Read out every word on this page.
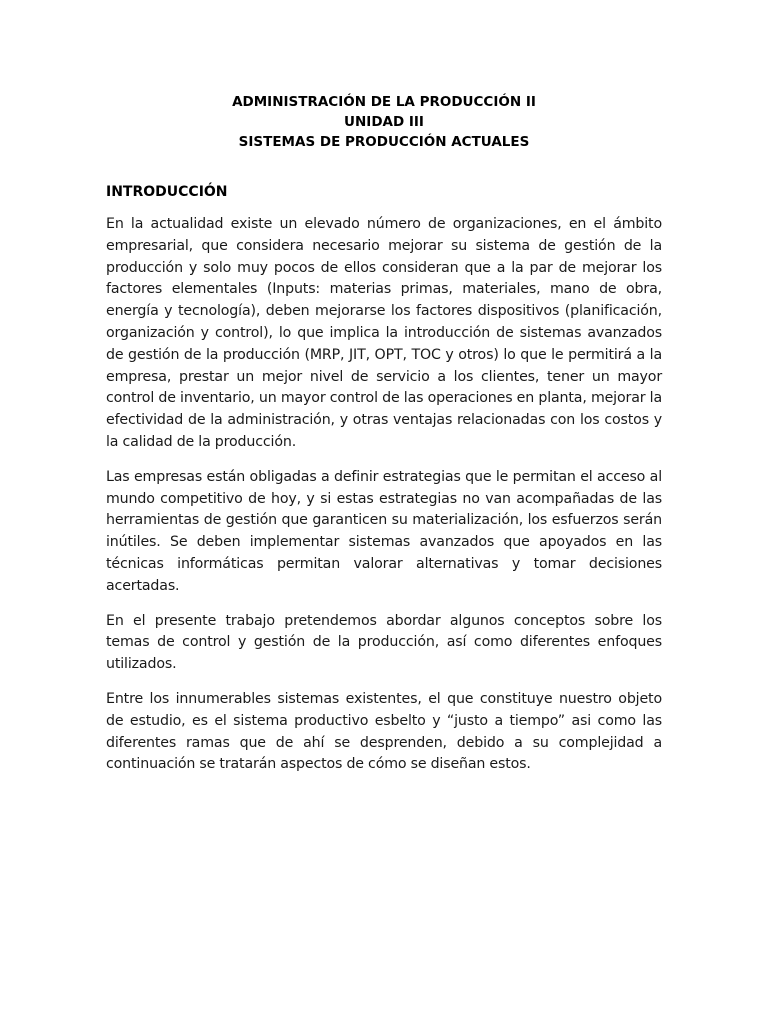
ADMINISTRACIÓN DE LA PRODUCCIÓN II
UNIDAD III
SISTEMAS DE PRODUCCIÓN ACTUALES
INTRODUCCIÓN

En la actualidad existe un elevado número de organizaciones, en el ámbito empresarial, que considera necesario mejorar su sistema de gestión de la producción y solo muy pocos de ellos consideran que a la par de mejorar los factores elementales (Inputs: materias primas, materiales, mano de obra, energía y tecnología), deben mejorarse los factores dispositivos (planificación, organización y control), lo que implica la introducción de sistemas avanzados de gestión de la producción (MRP, JIT, OPT, TOC y otros) lo que le permitirá a la empresa, prestar un mejor nivel de servicio a los clientes, tener un mayor control de inventario, un mayor control de las operaciones en planta, mejorar la efectividad de la administración, y otras ventajas relacionadas con los costos y la calidad de la producción.

Las empresas están obligadas a definir estrategias que le permitan el acceso al mundo competitivo de hoy, y si estas estrategias no van acompañadas de las herramientas de gestión que garanticen su materialización, los esfuerzos serán inútiles. Se deben implementar sistemas avanzados que apoyados en las técnicas informáticas permitan valorar alternativas y tomar decisiones acertadas.

En el presente trabajo pretendemos abordar algunos conceptos sobre los temas de control y gestión de la producción, así como diferentes enfoques utilizados.

Entre los innumerables sistemas existentes, el que constituye nuestro objeto de estudio, es el sistema productivo esbelto y “justo a tiempo” asi como las diferentes ramas que de ahí se desprenden, debido a su complejidad a continuación se tratarán aspectos de cómo se diseñan estos.
